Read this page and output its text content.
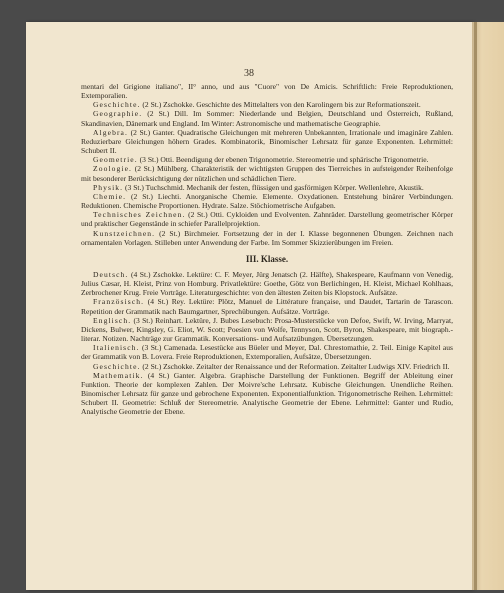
38

mentari del Grigione italiano", II° anno, und aus "Cuore" von De Amicis. Schriftlich: Freie Reproduktionen, Extemporalien.

Geschichte. (2 St.) Zschokke. Geschichte des Mittelalters von den Karolingern bis zur Reformationszeit.

Geographie. (2 St.) Dill. Im Sommer: Niederlande und Belgien, Deutschland und Österreich, Rußland, Skandinavien, Dänemark und England. Im Winter: Astronomische und mathematische Geographie.

Algebra. (2 St.) Ganter. Quadratische Gleichungen mit mehreren Unbekannten, Irrationale und imaginäre Zahlen. Reduzierbare Gleichungen höhern Grades. Kombinatorik, Binomischer Lehrsatz für ganze Exponenten. Lehrmittel: Schubert II.

Geometrie. (3 St.) Otti. Beendigung der ebenen Trigonometrie. Stereometrie und sphärische Trigonometrie.

Zoologie. (2 St.) Mühlberg. Charakteristik der wichtigsten Gruppen des Tierreiches in aufsteigender Reihenfolge mit besonderer Berücksichtigung der nützlichen und schädlichen Tiere.

Physik. (3 St.) Tuchschmid. Mechanik der festen, flüssigen und gasförmigen Körper. Wellenlehre, Akustik.

Chemie. (2 St.) Liechti. Anorganische Chemie. Elemente. Oxydationen. Entstehung binärer Verbindungen. Reduktionen. Chemische Proportionen. Hydrate. Salze. Stöchiometrische Aufgaben.

Technisches Zeichnen. (2 St.) Otti. Cykloiden und Evolventen. Zahnräder. Darstellung geometrischer Körper und praktischer Gegenstände in schiefer Parallelprojektion.

Kunstzeichnen. (2 St.) Birchmeier. Fortsetzung der in der I. Klasse begonnenen Übungen. Zeichnen nach ornamentalen Vorlagen. Stilleben unter Anwendung der Farbe. Im Sommer Skizzierübungen im Freien.

III. Klasse.

Deutsch. (4 St.) Zschokke. Lektüre: C. F. Meyer, Jürg Jenatsch (2. Hälfte), Shakespeare, Kaufmann von Venedig, Julius Cæsar, H. Kleist, Prinz von Homburg. Privatlektüre: Goethe, Götz von Berlichingen, H. Kleist, Michael Kohlhaas, Zerbrochener Krug. Freie Vorträge. Literaturgeschichte: von den ältesten Zeiten bis Klopstock. Aufsätze.

Französisch. (4 St.) Rey. Lektüre: Plötz, Manuel de Littérature française, und Daudet, Tartarin de Tarascon. Repetition der Grammatik nach Baumgartner, Sprechübungen. Aufsätze. Vorträge.

Englisch. (3 St.) Reinhart. Lektüre, J. Bubes Lesebuch: Prosa-Musterstücke von Defoe, Swift, W. Irving, Marryat, Dickens, Bulwer, Kingsley, G. Eliot, W. Scott; Poesien von Wolfe, Tennyson, Scott, Byron, Shakespeare, mit biograph.-literar. Notizen. Nachträge zur Grammatik. Konversations- und Aufsatzübungen. Übersetzungen.

Italienisch. (3 St.) Camenada. Lesestücke aus Büeler und Meyer, Dal. Chrestomathie, 2. Teil. Einige Kapitel aus der Grammatik von B. Lovera. Freie Reproduktionen, Extemporalien, Aufsätze, Übersetzungen.

Geschichte. (2 St.) Zschokke. Zeitalter der Renaissance und der Reformation. Zeitalter Ludwigs XIV. Friedrich II.

Mathematik. (4 St.) Ganter. Algebra. Graphische Darstellung der Funktionen. Begriff der Ableitung einer Funktion. Theorie der komplexen Zahlen. Der Moivre'sche Lehrsatz. Kubische Gleichungen. Unendliche Reihen. Binomischer Lehrsatz für ganze und gebrochene Exponenten. Exponentialfunktion. Trigonometrische Reihen. Lehrmittel: Schubert II. Geometrie: Schluß der Stereometrie. Analytische Geometrie der Ebene. Lehrmittel: Ganter und Rudio, Analytische Geometrie der Ebene.
